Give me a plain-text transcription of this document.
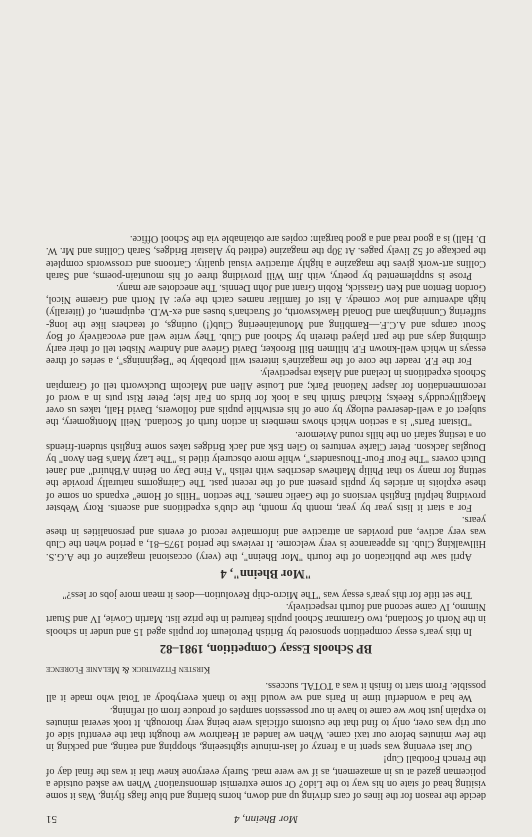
Mor Bheinn, 4
51

decide the reason for the lines of cars driving up and down, horns blaring and blue flags flying. Was it some visiting head of state on his way to the Lido? Or some extremist demonstration? When we asked outside a policeman gazed at us in amazement, as if we were mad. Surely everyone knew that it was the final day of the French Football Cup!

Our last evening was spent in a frenzy of last-minute sightseeing, shopping and eating, and packing in the few minutes before our taxi came. When we landed at Heathrow we thought that the eventful side of our trip was over, only to find that the customs officials were being very thorough. It took several minutes to explain just how we came to have in our possession samples of produce from oil refining.

We had a wonderful time in Paris and we would like to thank everybody at Total who made it all possible. From start to finish it was a TOTAL success.

Kirsten Fitzpatrick & Melanie Florence

BP Schools Essay Competition, 1981–82

In this year's essay competition sponsored by British Petroleum for pupils aged 15 and under in schools in the North of Scotland, two Grammar School pupils featured in the prize list. Martin Cowie, IV and Stuart Nimmo, IV came second and fourth respectively.

The set title for this year's essay was "The Micro-chip Revolution—does it mean more jobs or less?"

"Mor Bheinn", 4

April saw the publication of the fourth "Mor Bheinn", the (very) occasional magazine of the A.G.S. Hillwalking Club. Its appearance is very welcome. It reviews the period 1975–81, a period when the Club was very active, and provides an attractive and informative record of events and personalities in these years.

For a start it lists year by year, month by month, the club's expeditions and ascents. Rory Webster providing helpful English versions of the Gaelic names. The section "Hills of Home" expands on some of these exploits in articles by pupils present and of the recent past. The Cairngorms naturally provide the setting for many so that Philip Mathews describes with relish "A Fine Day on Beinn A'Bhuird" and Janet Dutch covers "The Four Four-Thousanders", while more obscurely titled is "The Lazy Man's Ben Avon" by Douglas Jackson. Peter Clarke ventures to Glen Esk and Jack Bridges takes some English student-friends on a testing safari on the hills round Aviemore.

"Distant Parts" is a section which shows members in action furth of Scotland. Neill Montgomery, the subject of a well-deserved eulogy by one of his erstwhile pupils and followers, David Hall, takes us over Macgillycuddy's Reeks; Richard Smith has a look for birds on Fair Isle; Peter Rist puts in a word of recommendation for Jasper National Park; and Louise Allen and Malcolm Duckworth tell of Grampian Schools expeditions in Iceland and Alaska respectively.

For the F.P. reader the core of the magazine's interest will probably be "Beginnings", a series of three essays in which well-known F.P. hillmen Bill Brooker, David Grieve and Andrew Nisbet tell of their early climbing days and the part played therein by School and Club. They write well and evocatively of Boy Scout camps and A.C.F.—Rambling and Mountaineering Club(!) outings, of teachers like the long-suffering Cunningham and Donald Hawksworth, of Strachan's buses and ex-W.D. equipment, of (literally) high adventure and low comedy. A list of familiar names catch the eye: Al North and Graeme Nicol, Gordon Benton and Ken Grassick, Robin Grant and John Dennis. The anecdotes are many.

Prose is supplemented by poetry, with Jim Will providing three of his mountain-poems, and Sarah Collins art-work gives the magazine a highly attractive visual quality. Cartoons and crosswords complete the package of 52 lively pages. At 30p the magazine (edited by Alastair Bridges, Sarah Collins and Mr. W. D. Hall) is a good read and a good bargain: copies are obtainable via the School Office.
